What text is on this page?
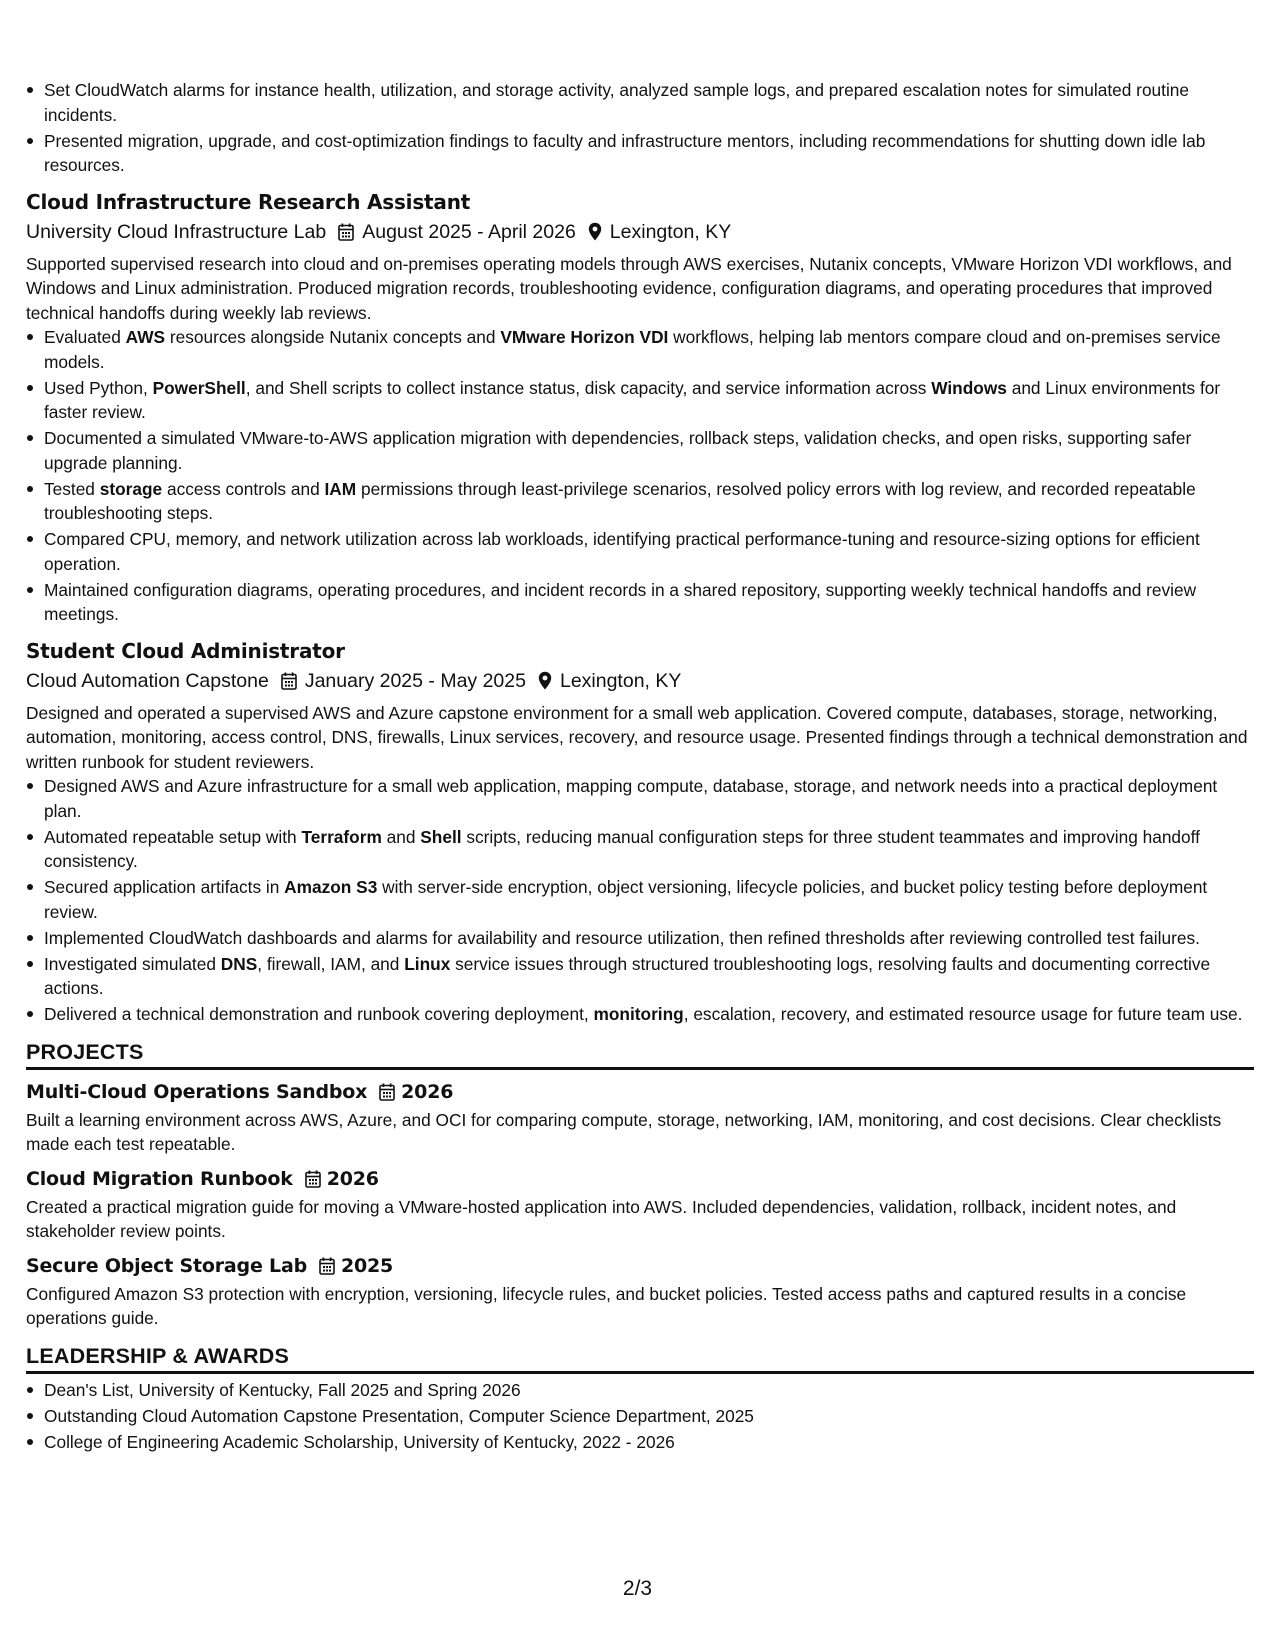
Set CloudWatch alarms for instance health, utilization, and storage activity, analyzed sample logs, and prepared escalation notes for simulated routine incidents.
Presented migration, upgrade, and cost-optimization findings to faculty and infrastructure mentors, including recommendations for shutting down idle lab resources.
Cloud Infrastructure Research Assistant
University Cloud Infrastructure Lab August 2025 - April 2026 Lexington, KY

Supported supervised research into cloud and on-premises operating models through AWS exercises, Nutanix concepts, VMware Horizon VDI workflows, and Windows and Linux administration. Produced migration records, troubleshooting evidence, configuration diagrams, and operating procedures that improved technical handoffs during weekly lab reviews.

Evaluated AWS resources alongside Nutanix concepts and VMware Horizon VDI workflows, helping lab mentors compare cloud and on-premises service models.
Used Python, PowerShell, and Shell scripts to collect instance status, disk capacity, and service information across Windows and Linux environments for faster review.
Documented a simulated VMware-to-AWS application migration with dependencies, rollback steps, validation checks, and open risks, supporting safer upgrade planning.
Tested storage access controls and IAM permissions through least-privilege scenarios, resolved policy errors with log review, and recorded repeatable troubleshooting steps.
Compared CPU, memory, and network utilization across lab workloads, identifying practical performance-tuning and resource-sizing options for efficient operation.
Maintained configuration diagrams, operating procedures, and incident records in a shared repository, supporting weekly technical handoffs and review meetings.
Student Cloud Administrator
Cloud Automation Capstone January 2025 - May 2025 Lexington, KY

Designed and operated a supervised AWS and Azure capstone environment for a small web application. Covered compute, databases, storage, networking, automation, monitoring, access control, DNS, firewalls, Linux services, recovery, and resource usage. Presented findings through a technical demonstration and written runbook for student reviewers.

Designed AWS and Azure infrastructure for a small web application, mapping compute, database, storage, and network needs into a practical deployment plan.
Automated repeatable setup with Terraform and Shell scripts, reducing manual configuration steps for three student teammates and improving handoff consistency.
Secured application artifacts in Amazon S3 with server-side encryption, object versioning, lifecycle policies, and bucket policy testing before deployment review.
Implemented CloudWatch dashboards and alarms for availability and resource utilization, then refined thresholds after reviewing controlled test failures.
Investigated simulated DNS, firewall, IAM, and Linux service issues through structured troubleshooting logs, resolving faults and documenting corrective actions.
Delivered a technical demonstration and runbook covering deployment, monitoring, escalation, recovery, and estimated resource usage for future team use.
PROJECTS
Multi-Cloud Operations Sandbox 2026

Built a learning environment across AWS, Azure, and OCI for comparing compute, storage, networking, IAM, monitoring, and cost decisions. Clear checklists made each test repeatable.

Cloud Migration Runbook 2026

Created a practical migration guide for moving a VMware-hosted application into AWS. Included dependencies, validation, rollback, incident notes, and stakeholder review points.

Secure Object Storage Lab 2025

Configured Amazon S3 protection with encryption, versioning, lifecycle rules, and bucket policies. Tested access paths and captured results in a concise operations guide.

LEADERSHIP & AWARDS
Dean's List, University of Kentucky, Fall 2025 and Spring 2026
Outstanding Cloud Automation Capstone Presentation, Computer Science Department, 2025
College of Engineering Academic Scholarship, University of Kentucky, 2022 - 2026
2/3
